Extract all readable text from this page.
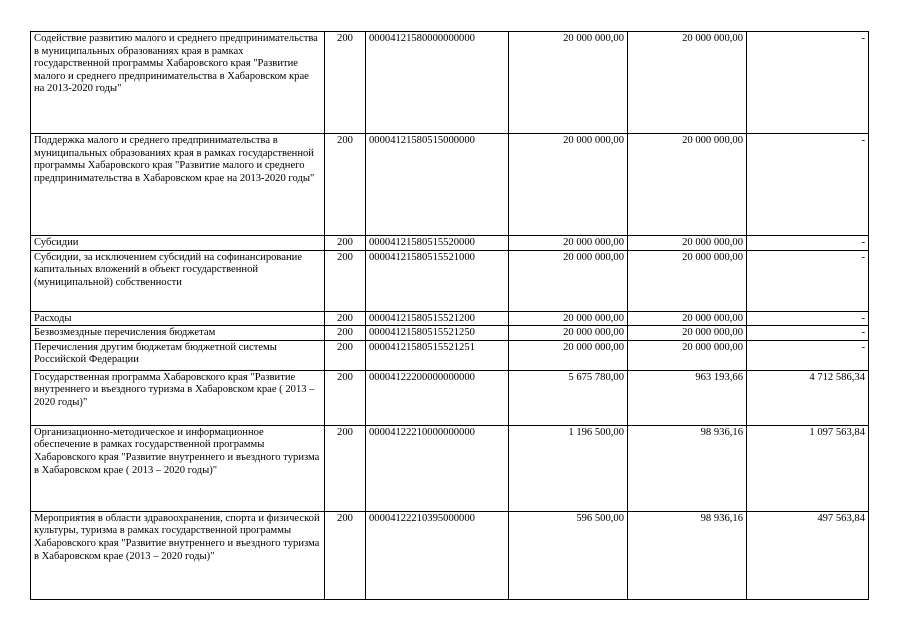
Содействие развитию малого и среднего предпринимательства в муниципальных образованиях края в рамках государственной программы Хабаровского края "Развитие малого и среднего предпринимательства в Хабаровском крае на 2013-2020 годы"	200	00004121580000000000	20 000 000,00	20 000 000,00	-
Поддержка малого и среднего предпринимательства в муниципальных образованиях края в рамках государственной программы Хабаровского края "Развитие малого и среднего предпринимательства в Хабаровском крае на 2013-2020 годы"	200	00004121580515000000	20 000 000,00	20 000 000,00	-
Субсидии	200	00004121580515520000	20 000 000,00	20 000 000,00	-
Субсидии, за исключением субсидий на софинансирование капитальных вложений в объект государственной (муниципальной) собственности	200	00004121580515521000	20 000 000,00	20 000 000,00	-
Расходы	200	00004121580515521200	20 000 000,00	20 000 000,00	-
Безвозмездные перечисления бюджетам	200	00004121580515521250	20 000 000,00	20 000 000,00	-
Перечисления другим бюджетам бюджетной системы Российской Федерации	200	00004121580515521251	20 000 000,00	20 000 000,00	-
Государственная программа Хабаровского края "Развитие внутреннего и въездного туризма в Хабаровском крае ( 2013 – 2020 годы)"	200	00004122200000000000	5 675 780,00	963 193,66	4 712 586,34
Организационно-методическое и информационное обеспечение в рамках государственной программы Хабаровского края "Развитие внутреннего и въездного туризма в Хабаровском крае ( 2013 – 2020 годы)"	200	00004122210000000000	1 196 500,00	98 936,16	1 097 563,84
Мероприятия в области здравоохранения, спорта и физической культуры, туризма в рамках государственной программы Хабаровского края "Развитие внутреннего и въездного туризма в Хабаровском крае (2013 – 2020 годы)"	200	00004122210395000000	596 500,00	98 936,16	497 563,84
